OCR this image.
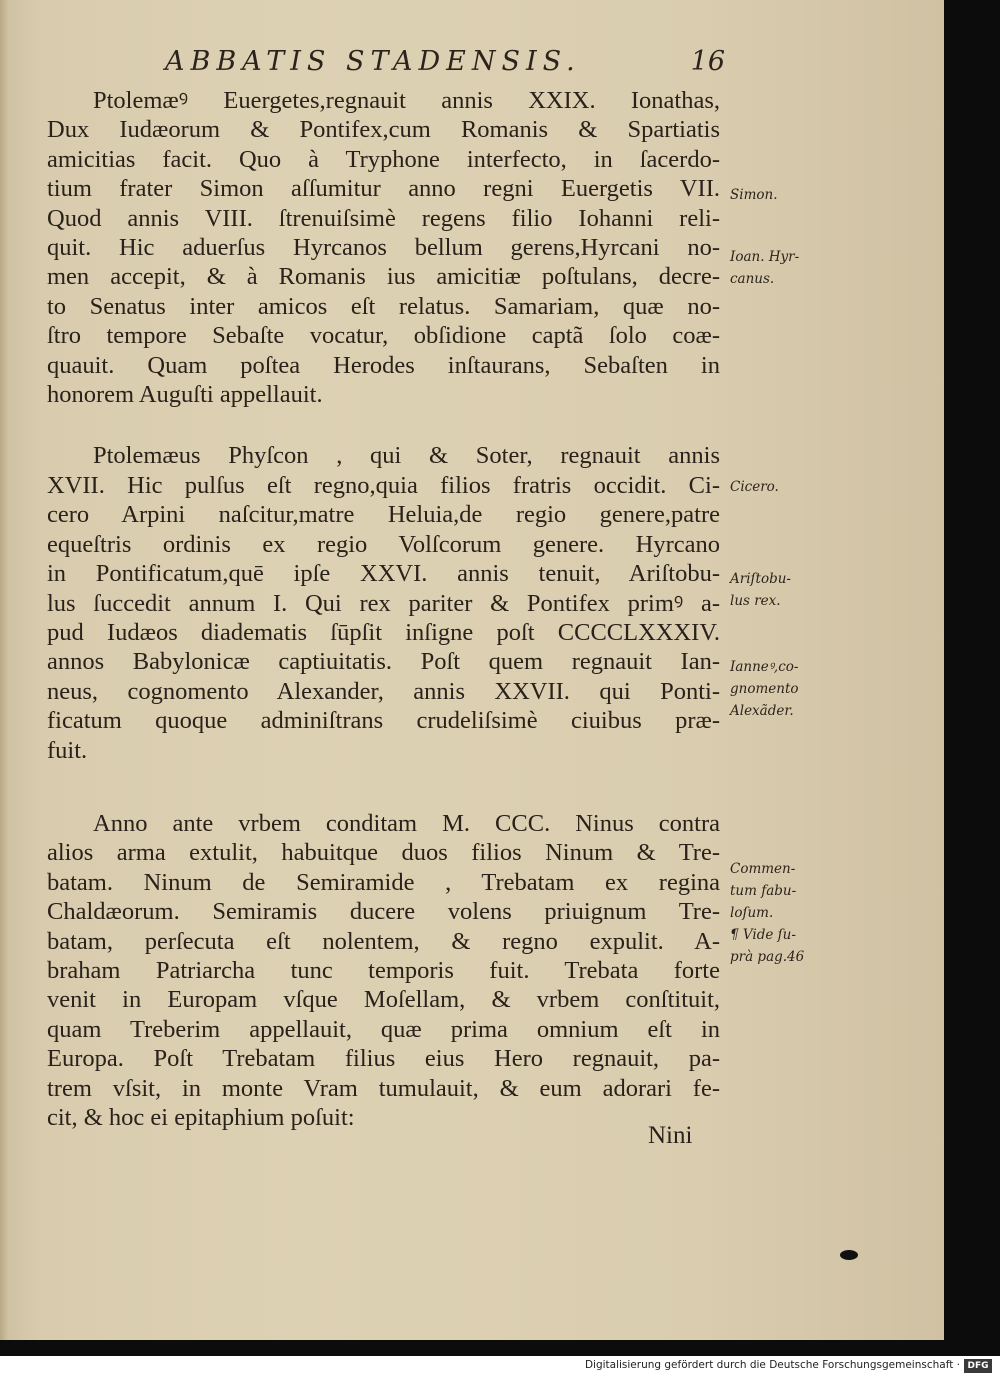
ABBATIS STADENSIS.	16
Ptolemæꝰ Euergetes,regnauit annis XXIX. Ionathas,
Dux Iudæorum & Pontifex,cum Romanis & Spartiatis
amicitias facit. Quo à Tryphone interfecto, in ſacerdo-
tium frater Simon aſſumitur anno regni Euergetis VII.
Quod annis VIII. ſtrenuiſsimè regens filio Iohanni reli-
quit. Hic aduerſus Hyrcanos bellum gerens,Hyrcani no-
men accepit, & à Romanis ius amicitiæ poſtulans, decre-
to Senatus inter amicos eſt relatus. Samariam, quæ no-
ſtro tempore Sebaſte vocatur, obſidione captã ſolo coæ-
quauit. Quam poſtea Herodes inſtaurans, Sebaſten in
honorem Auguſti appellauit.
Ptolemæus Phyſcon , qui & Soter, regnauit annis
XVII. Hic pulſus eſt regno,quia filios fratris occidit. Ci-
cero Arpini naſcitur,matre Heluia,de regio genere,patre
equeſtris ordinis ex regio Volſcorum genere. Hyrcano
in Pontificatum,quē ipſe XXVI. annis tenuit, Ariſtobu-
lus ſuccedit annum I. Qui rex pariter & Pontifex primꝰ a-
pud Iudæos diadematis ſūpſit inſigne poſt CCCCLXXXIV.
annos Babylonicæ captiuitatis. Poſt quem regnauit Ian-
neus, cognomento Alexander, annis XXVII. qui Ponti-
ficatum quoque adminiſtrans crudeliſsimè ciuibus præ-
fuit.
Anno ante vrbem conditam M. CCC. Ninus contra
alios arma extulit, habuitque duos filios Ninum & Tre-
batam. Ninum de Semiramide , Trebatam ex regina
Chaldæorum. Semiramis ducere volens priuignum Tre-
batam, perſecuta eſt nolentem, & regno expulit. A-
braham Patriarcha tunc temporis fuit. Trebata forte
venit in Europam vſque Moſellam, & vrbem conſtituit,
quam Treberim appellauit, quæ prima omnium eſt in
Europa. Poſt Trebatam filius eius Hero regnauit, pa-
trem vſsit, in monte Vram tumulauit, & eum adorari fe-
cit, & hoc ei epitaphium poſuit:
Nini
Simon.
Ioan. Hyr-
canus.
Cicero.
Ariſtobu-
lus rex.
Ianneꝰ,co-
gnomento
Alexãder.
Commen-
tum fabu-
loſum.
¶ Vide ſu-
prà pag.46
Digitalisierung gefördert durch die Deutsche Forschungsgemeinschaft · DFG
